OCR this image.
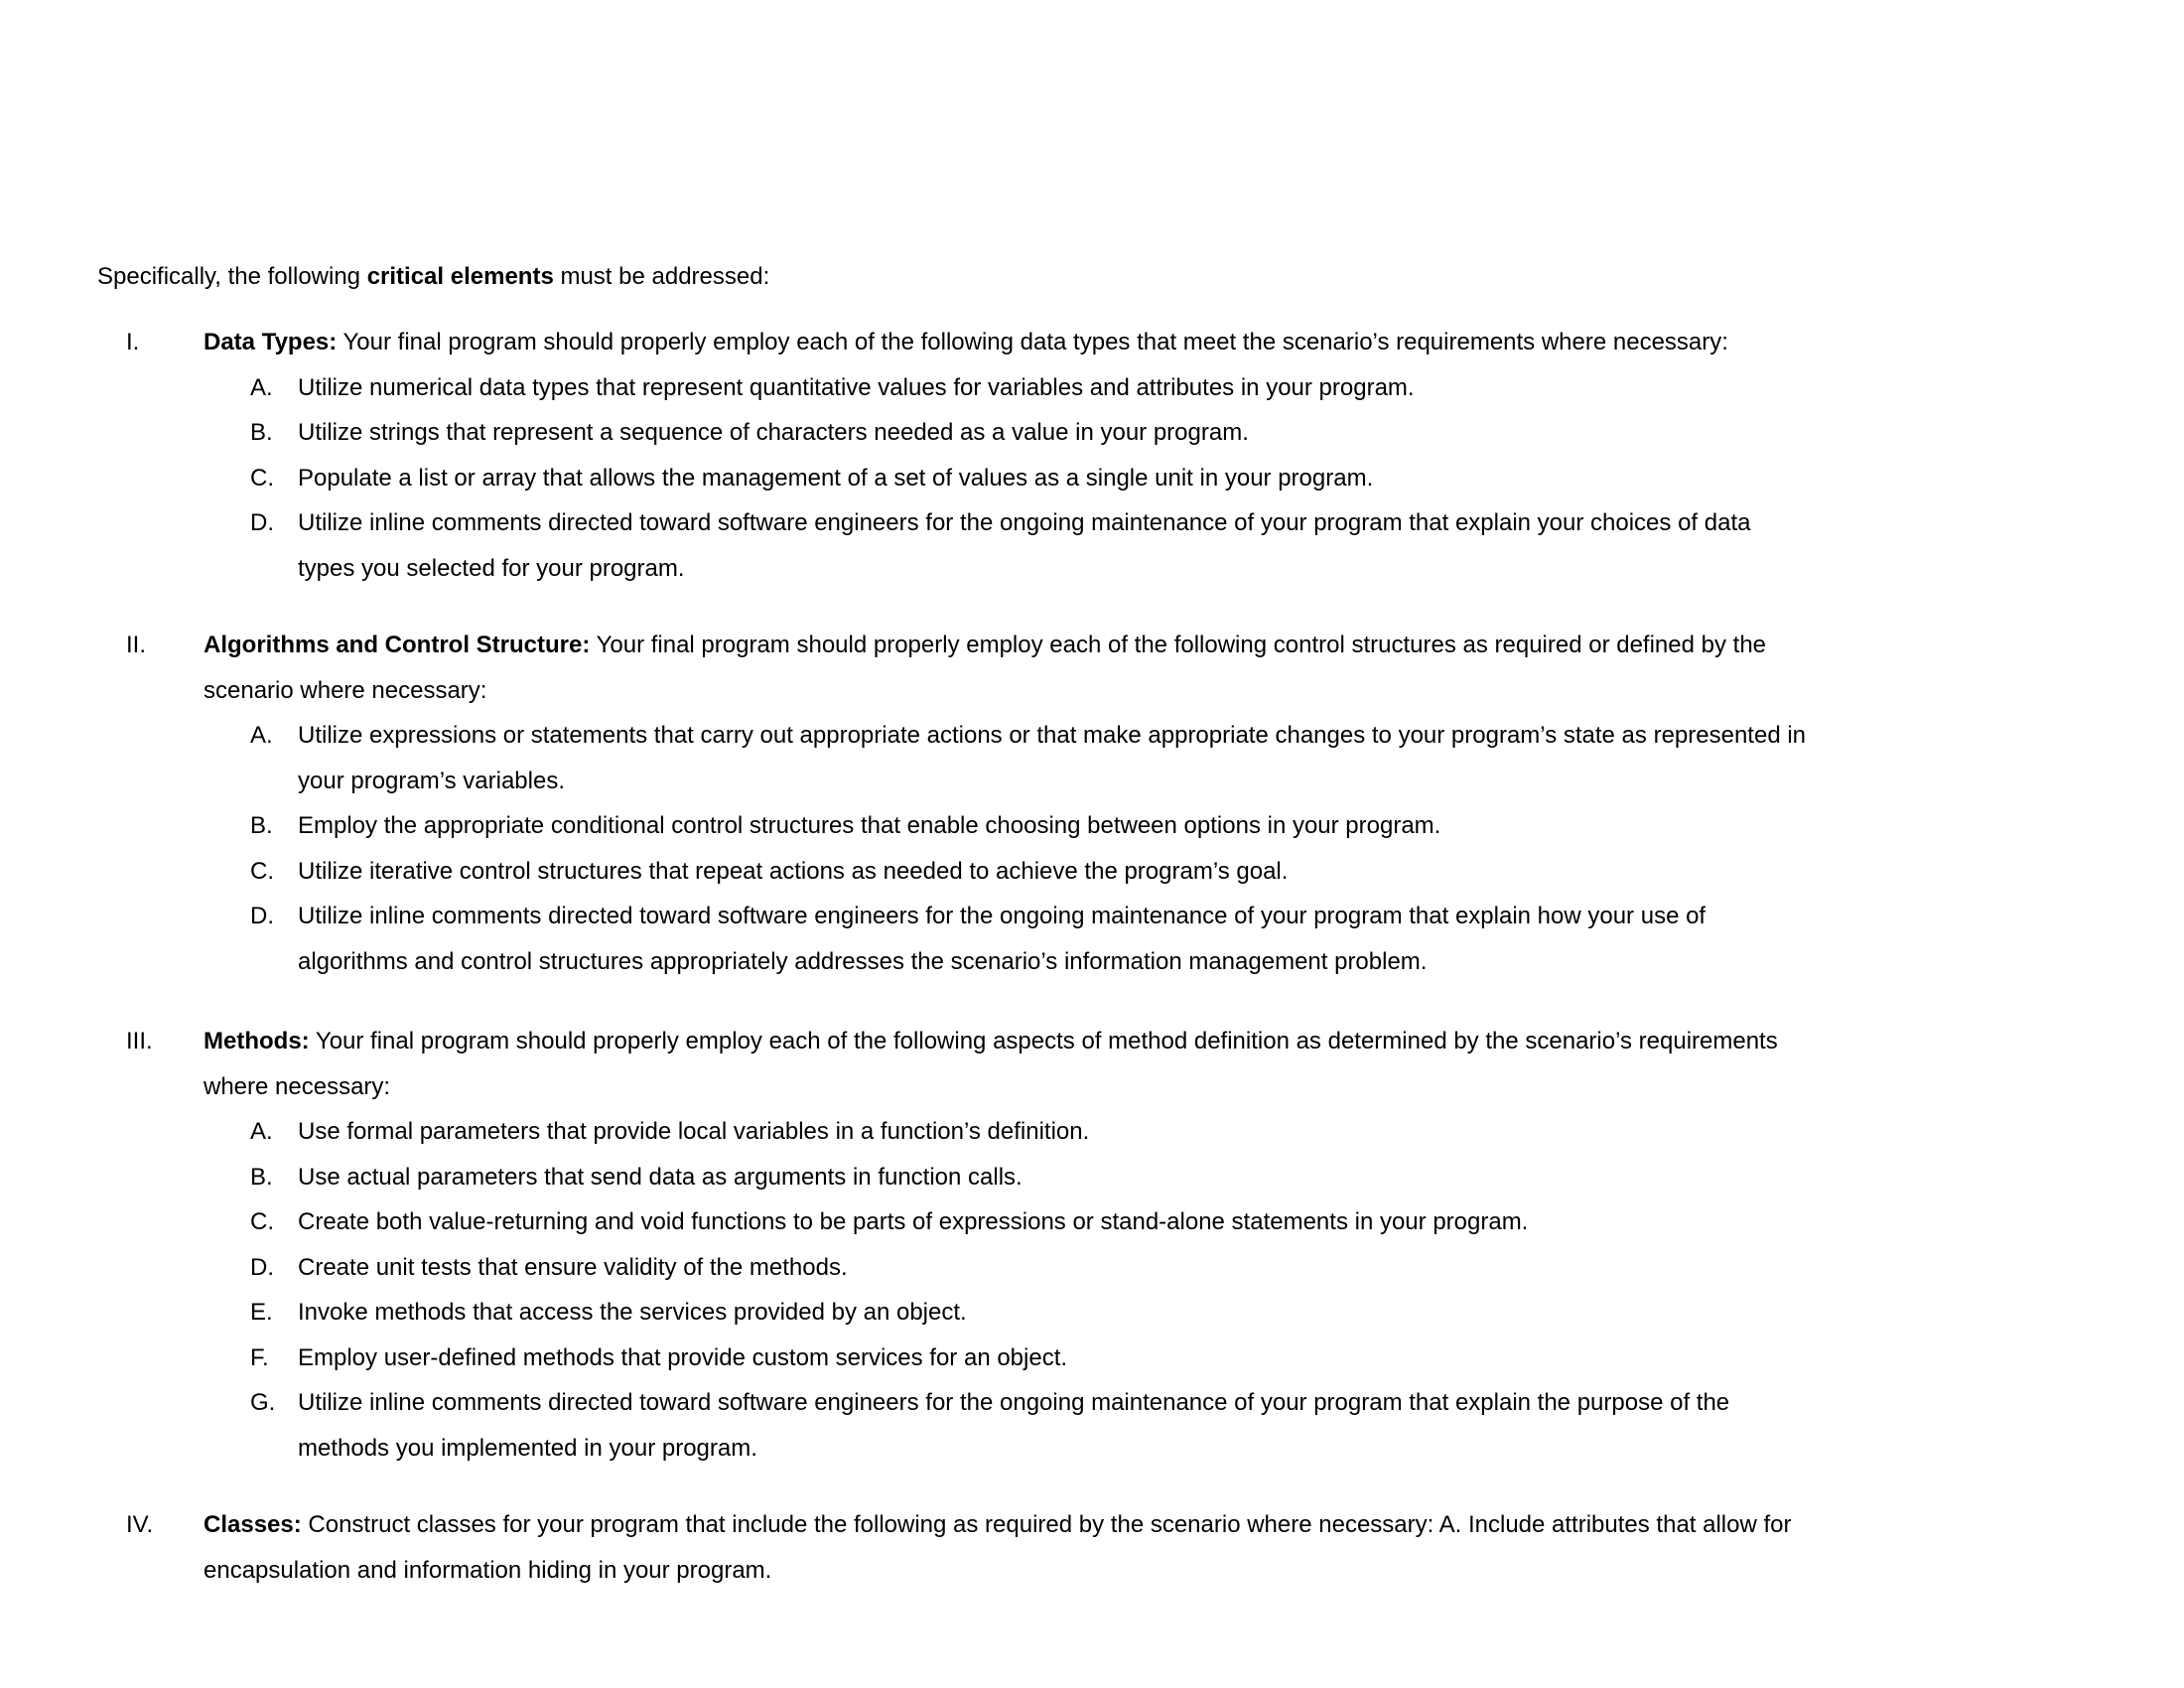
Specifically, the following critical elements must be addressed:

I.	Data Types: Your final program should properly employ each of the following data types that meet the scenario’s requirements where necessary:
A.	Utilize numerical data types that represent quantitative values for variables and attributes in your program.
B.	Utilize strings that represent a sequence of characters needed as a value in your program.
C.	Populate a list or array that allows the management of a set of values as a single unit in your program.
D.	Utilize inline comments directed toward software engineers for the ongoing maintenance of your program that explain your choices of data
types you selected for your program.
II.	Algorithms and Control Structure: Your final program should properly employ each of the following control structures as required or defined by the
scenario where necessary:
A.	Utilize expressions or statements that carry out appropriate actions or that make appropriate changes to your program’s state as represented in
your program’s variables.
B.	Employ the appropriate conditional control structures that enable choosing between options in your program.
C.	Utilize iterative control structures that repeat actions as needed to achieve the program’s goal.
D.	Utilize inline comments directed toward software engineers for the ongoing maintenance of your program that explain how your use of
algorithms and control structures appropriately addresses the scenario’s information management problem.
III.	Methods: Your final program should properly employ each of the following aspects of method definition as determined by the scenario’s requirements
where necessary:
A.	Use formal parameters that provide local variables in a function’s definition.
B.	Use actual parameters that send data as arguments in function calls.
C.	Create both value-returning and void functions to be parts of expressions or stand-alone statements in your program.
D.	Create unit tests that ensure validity of the methods.
E.	Invoke methods that access the services provided by an object.
F.	Employ user-defined methods that provide custom services for an object.
G. Utilize inline comments directed toward software engineers for the ongoing maintenance of your program that explain the purpose of the
methods you implemented in your program.
IV.	Classes: Construct classes for your program that include the following as required by the scenario where necessary: A. Include attributes that allow for
encapsulation and information hiding in your program.
